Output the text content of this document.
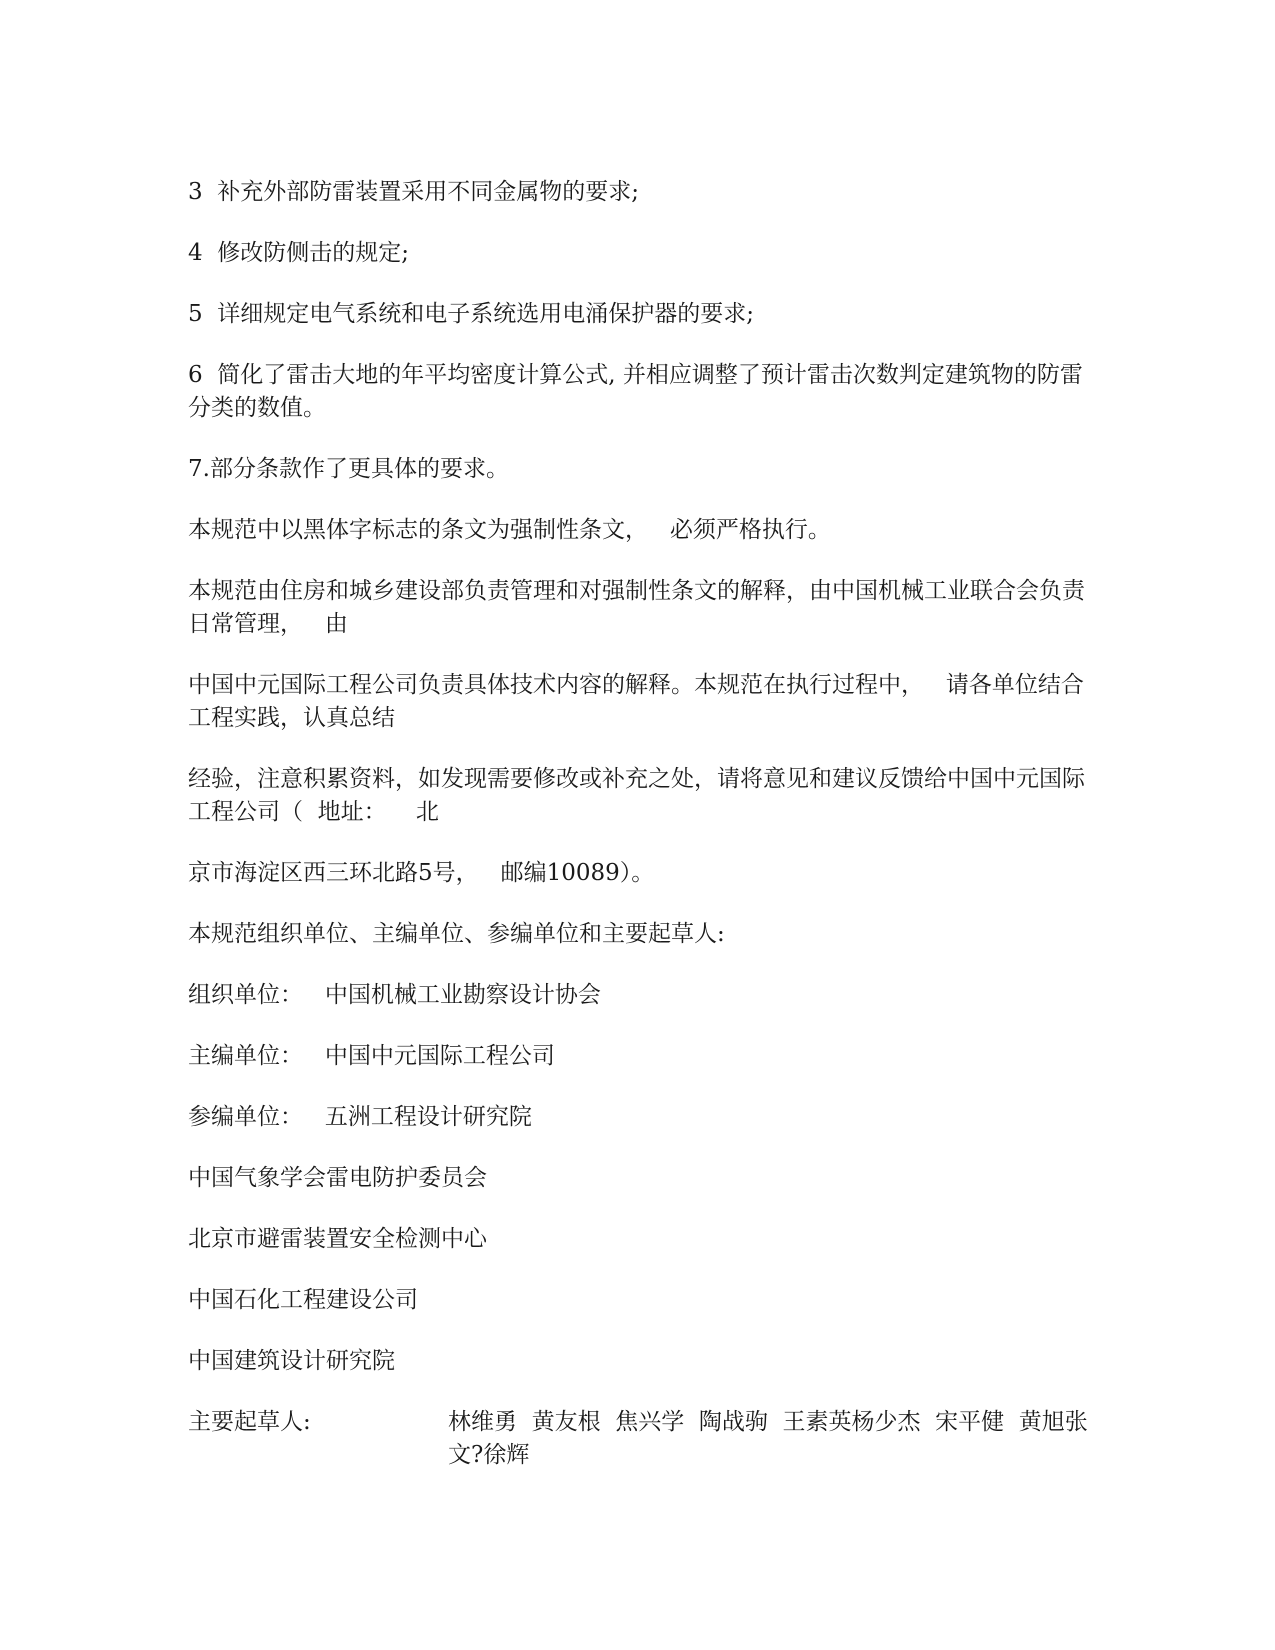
3  补充外部防雷装置采用不同金属物的要求;

4  修改防侧击的规定;

5  详细规定电气系统和电子系统选用电涌保护器的要求;

6  简化了雷击大地的年平均密度计算公式, 并相应调整了预计雷击次数判定建筑物的防雷分类的数值。

7.部分条款作了更具体的要求。

本规范中以黑体字标志的条文为强制性条文，   必须严格执行。

本规范由住房和城乡建设部负责管理和对强制性条文的解释，由中国机械工业联合会负责日常管理，   由

中国中元国际工程公司负责具体技术内容的解释。本规范在执行过程中，   请各单位结合工程实践，认真总结

经验，注意积累资料，如发现需要修改或补充之处，请将意见和建议反馈给中国中元国际工程公司（  地址：    北

京市海淀区西三环北路5号，   邮编10089）。

本规范组织单位、主编单位、参编单位和主要起草人:

组织单位：   中国机械工业勘察设计协会

主编单位：   中国中元国际工程公司

参编单位：   五洲工程设计研究院

中国气象学会雷电防护委员会

北京市避雷装置安全检测中心

中国石化工程建设公司

中国建筑设计研究院

主要起草人:	林维勇  黄友根  焦兴学  陶战驹  王素英杨少杰  宋平健  黄旭张文?徐辉
